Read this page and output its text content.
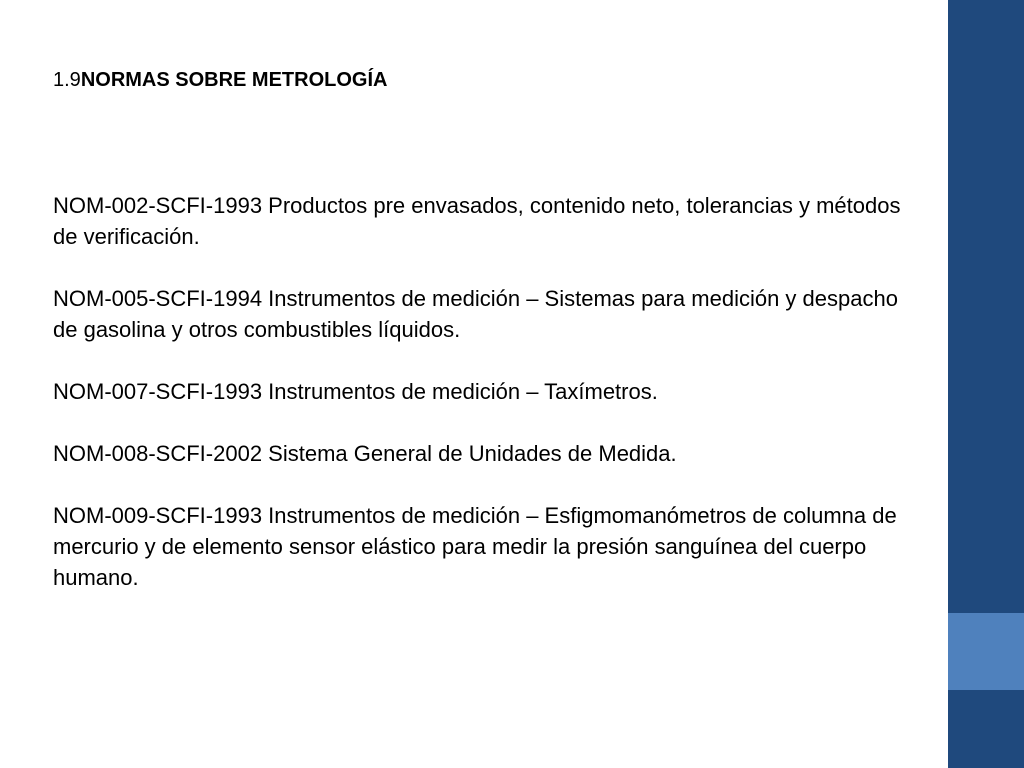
1.9NORMAS SOBRE METROLOGÍA

NOM-002-SCFI-1993 Productos pre envasados, contenido neto, tolerancias y métodos de verificación.

NOM-005-SCFI-1994 Instrumentos de medición – Sistemas para medición y despacho de gasolina y otros combustibles líquidos.

NOM-007-SCFI-1993 Instrumentos de medición – Taxímetros.

NOM-008-SCFI-2002 Sistema General de Unidades de Medida.

NOM-009-SCFI-1993 Instrumentos de medición – Esfigmomanómetros de columna de mercurio y de elemento sensor elástico para medir la presión sanguínea del cuerpo humano.
